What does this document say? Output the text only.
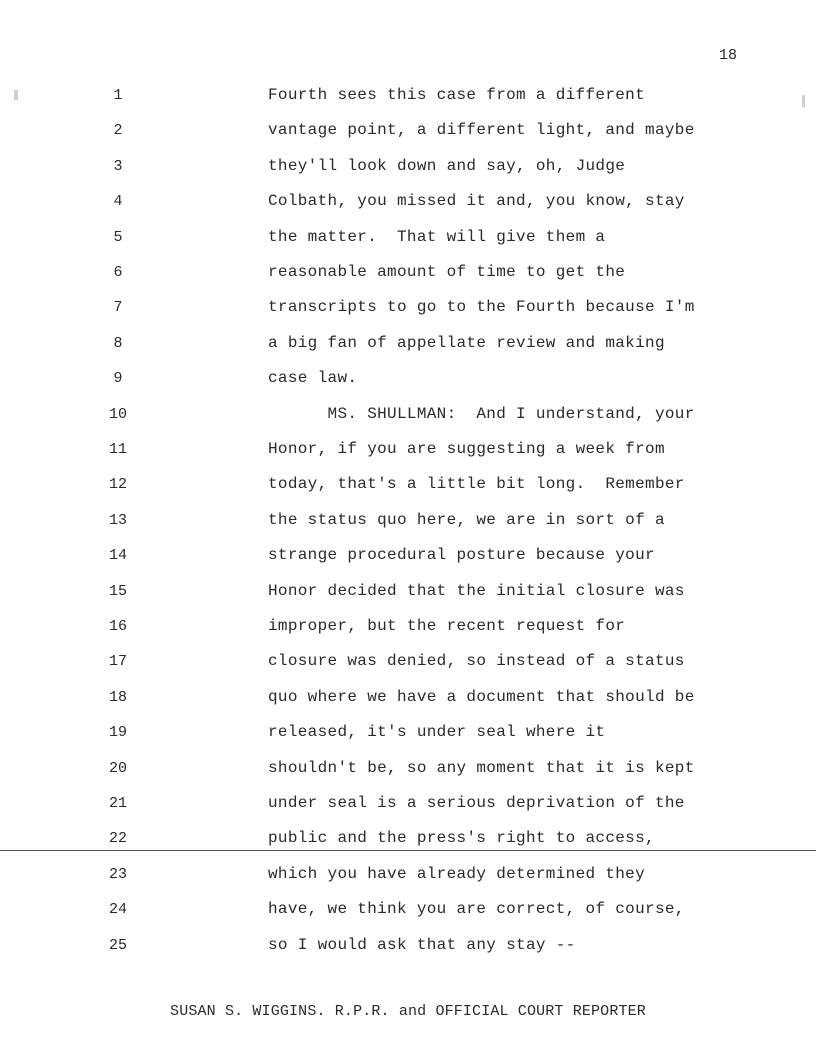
18
1	Fourth sees this case from a different
2	vantage point, a different light, and maybe
3	they'll look down and say, oh, Judge
4	Colbath, you missed it and, you know, stay
5	the matter.  That will give them a
6	reasonable amount of time to get the
7	transcripts to go to the Fourth because I'm
8	a big fan of appellate review and making
9	case law.
10	MS. SHULLMAN:  And I understand, your
11	Honor, if you are suggesting a week from
12	today, that's a little bit long.  Remember
13	the status quo here, we are in sort of a
14	strange procedural posture because your
15	Honor decided that the initial closure was
16	improper, but the recent request for
17	closure was denied, so instead of a status
18	quo where we have a document that should be
19	released, it's under seal where it
20	shouldn't be, so any moment that it is kept
21	under seal is a serious deprivation of the
22	public and the press's right to access,
23	which you have already determined they
24	have, we think you are correct, of course,
25	so I would ask that any stay --
SUSAN S. WIGGINS. R.P.R. and OFFICIAL COURT REPORTER
